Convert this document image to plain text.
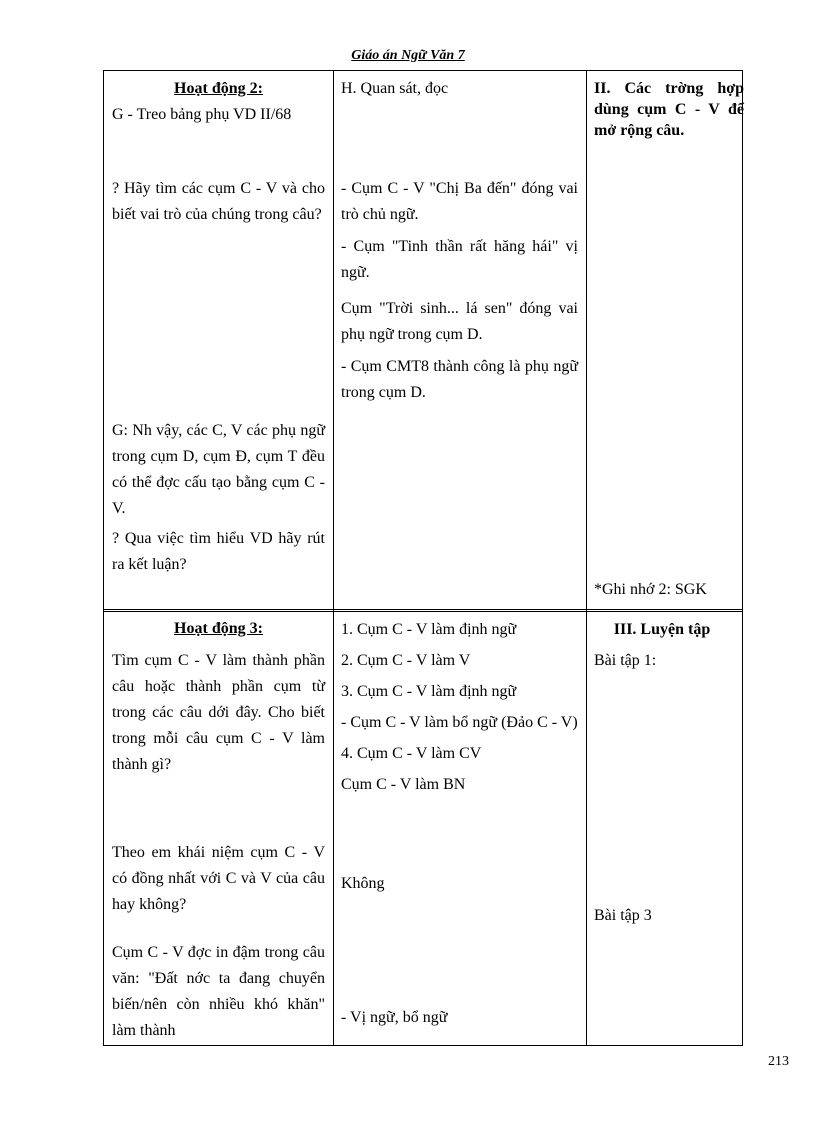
Giáo án Ngữ Văn 7
Hoạt động 2:
G - Treo bảng phụ VD II/68
? Hãy tìm các cụm C - V và cho biết vai trò của chúng trong câu?
G: Nh vậy, các C, V các phụ ngữ trong cụm D, cụm Đ, cụm T đều có thể đợc cấu tạo bằng cụm C - V.
? Qua việc tìm hiểu VD hãy rút ra kết luận?
H. Quan sát, đọc
- Cụm C - V "Chị Ba đến" đóng vai trò chủ ngữ.
- Cụm "Tinh thần rất hăng hái" vị ngữ.
Cụm "Trời sinh... lá sen" đóng vai phụ ngữ trong cụm D.
- Cụm CMT8 thành công là phụ ngữ trong cụm D.
II. Các trờng hợp dùng cụm C - V để mở rộng câu.
*Ghi nhớ 2: SGK
Hoạt động 3:
Tìm cụm C - V làm thành phần câu hoặc thành phần cụm từ trong các câu dới đây. Cho biết trong mỗi câu cụm C - V làm thành gì?
Theo em khái niệm cụm C - V có đồng nhất với C và V của câu hay không?
Cụm C - V đợc in đậm trong câu văn: "Đất nớc ta đang chuyển biến/nên còn nhiều khó khăn" làm thành
1. Cụm C - V làm định ngữ
2. Cụm C - V làm V
3. Cụm C - V làm định ngữ
- Cụm C - V làm bổ ngữ (Đảo C - V)
4. Cụm C - V làm CV
Cụm C - V làm BN
Không
- Vị ngữ, bổ ngữ
III. Luyện tập
Bài tập 1:
Bài tập 3
213
